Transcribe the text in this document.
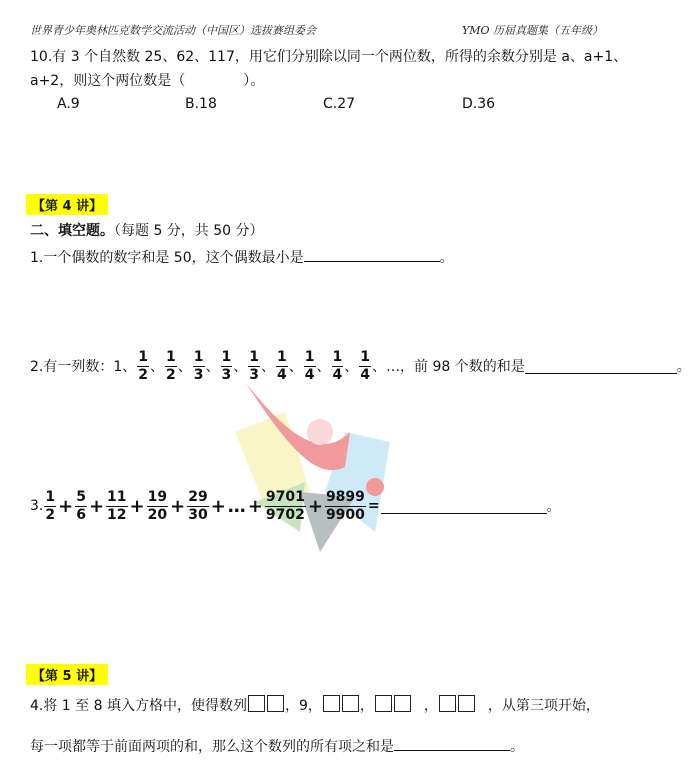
世界青少年奥林匹克数学交流活动（中国区）选拔赛组委会	YMO 历届真题集（五年级）
10.有 3 个自然数 25、62、117，用它们分别除以同一个两位数，所得的余数分别是 a、a+1、
a+2，则这个两位数是（	）。
A.9	B.18	C.27	D.36
【第 4 讲】
二、填空题。（每题 5 分，共 50 分）
1.一个偶数的数字和是 50，这个偶数最小是	。
2.有一列数：1、 $\frac{1}{2}$ 、 $\frac{1}{2}$ 、 $\frac{1}{3}$ 、 $\frac{1}{3}$ 、 $\frac{1}{3}$ 、 $\frac{1}{4}$ 、 $\frac{1}{4}$ 、 $\frac{1}{4}$ 、 $\frac{1}{4}$ 、…，前 98 个数的和是	。
3. $\frac{1}{2} + \frac{5}{6} + \frac{11}{12} + \frac{19}{20} + \frac{29}{30}$ + … + $\frac{9701}{9702} + \frac{9899}{9900}$ =	。
【第 5 讲】
4.将 1 至 8 填入方格中，使得数列	，9，	，	，	，从第三项开始，
每一项都等于前面两项的和，那么这个数列的所有项之和是	。
